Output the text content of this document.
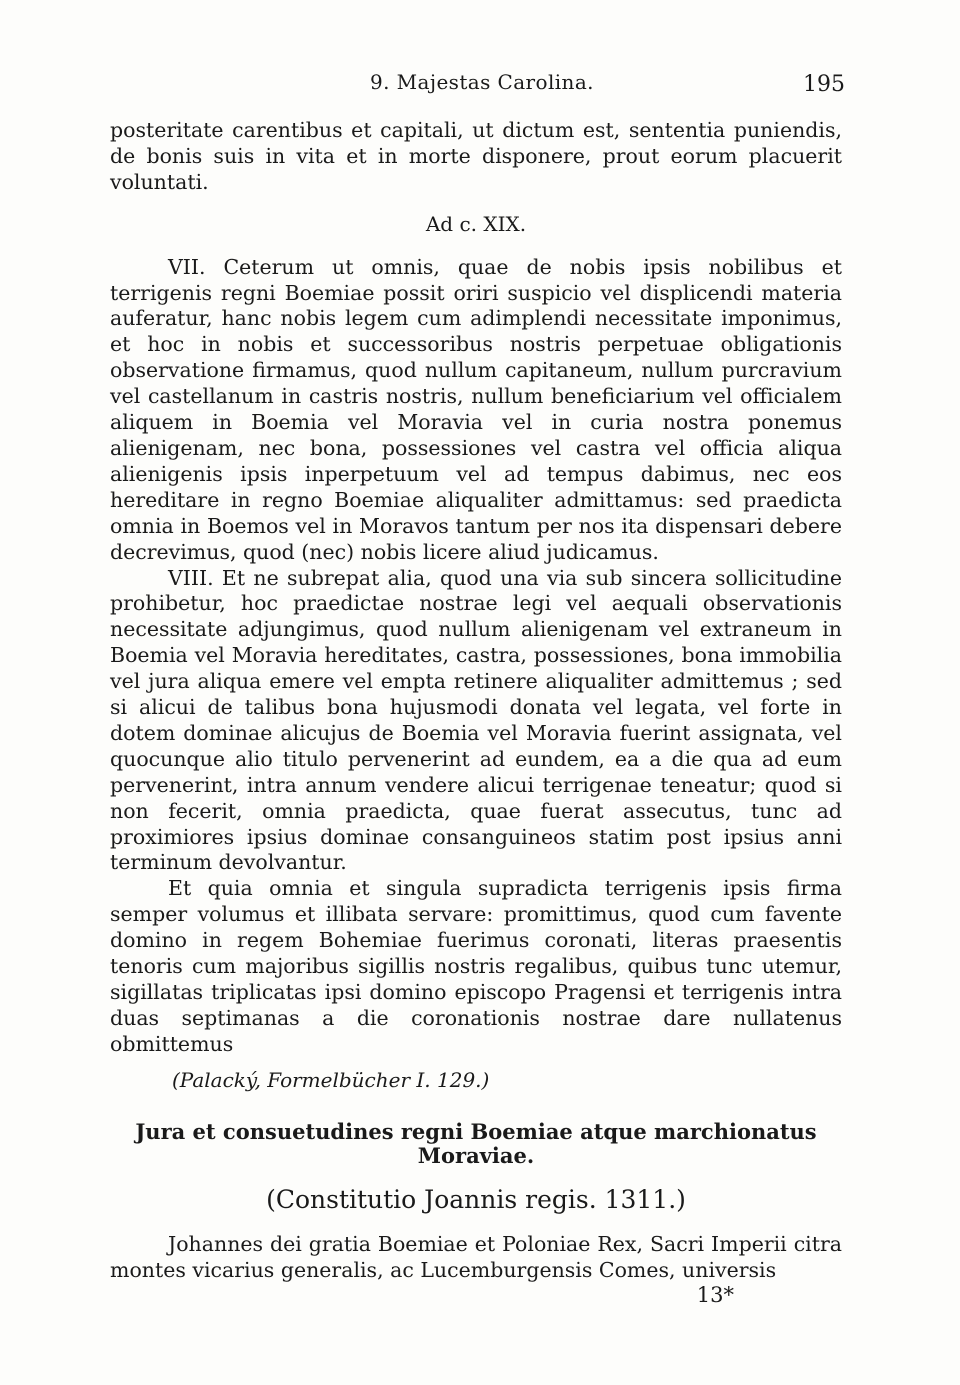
9. Majestas Carolina.	195

posteritate carentibus et capitali, ut dictum est, sententia puniendis, de bonis suis in vita et in morte disponere, prout eorum placuerit voluntati.

Ad c. XIX.

VII. Ceterum ut omnis, quae de nobis ipsis nobilibus et terrigenis regni Boemiae possit oriri suspicio vel displicendi materia auferatur, hanc nobis legem cum adimplendi necessitate imponimus, et hoc in nobis et successoribus nostris perpetuae obligationis observatione firmamus, quod nullum capitaneum, nullum purcravium vel castellanum in castris nostris, nullum beneficiarium vel officialem aliquem in Boemia vel Moravia vel in curia nostra ponemus alienigenam, nec bona, possessiones vel castra vel officia aliqua alienigenis ipsis inperpetuum vel ad tempus dabimus, nec eos hereditare in regno Boemiae aliqualiter admittamus: sed praedicta omnia in Boemos vel in Moravos tantum per nos ita dispensari debere decrevimus, quod (nec) nobis licere aliud judicamus.

VIII. Et ne subrepat alia, quod una via sub sincera sollicitudine prohibetur, hoc praedictae nostrae legi vel aequali observationis necessitate adjungimus, quod nullum alienigenam vel extraneum in Boemia vel Moravia hereditates, castra, possessiones, bona immobilia vel jura aliqua emere vel empta retinere aliqualiter admittemus ; sed si alicui de talibus bona hujusmodi donata vel legata, vel forte in dotem dominae alicujus de Boemia vel Moravia fuerint assignata, vel quocunque alio titulo pervenerint ad eundem, ea a die qua ad eum pervenerint, intra annum vendere alicui terrigenae teneatur; quod si non fecerit, omnia praedicta, quae fuerat assecutus, tunc ad proximiores ipsius dominae consanguineos statim post ipsius anni terminum devolvantur.

Et quia omnia et singula supradicta terrigenis ipsis firma semper volumus et illibata servare: promittimus, quod cum favente domino in regem Bohemiae fuerimus coronati, literas praesentis tenoris cum majoribus sigillis nostris regalibus, quibus tunc utemur, sigillatas triplicatas ipsi domino episcopo Pragensi et terrigenis intra duas septimanas a die coronationis nostrae dare nullatenus obmittemus

(Palacký, Formelbücher I. 129.)

Jura et consuetudines regni Boemiae atque marchionatus Moraviae.

(Constitutio Joannis regis. 1311.)

Johannes dei gratia Boemiae et Poloniae Rex, Sacri Imperii citra montes vicarius generalis, ac Lucemburgensis Comes, universis

13*
